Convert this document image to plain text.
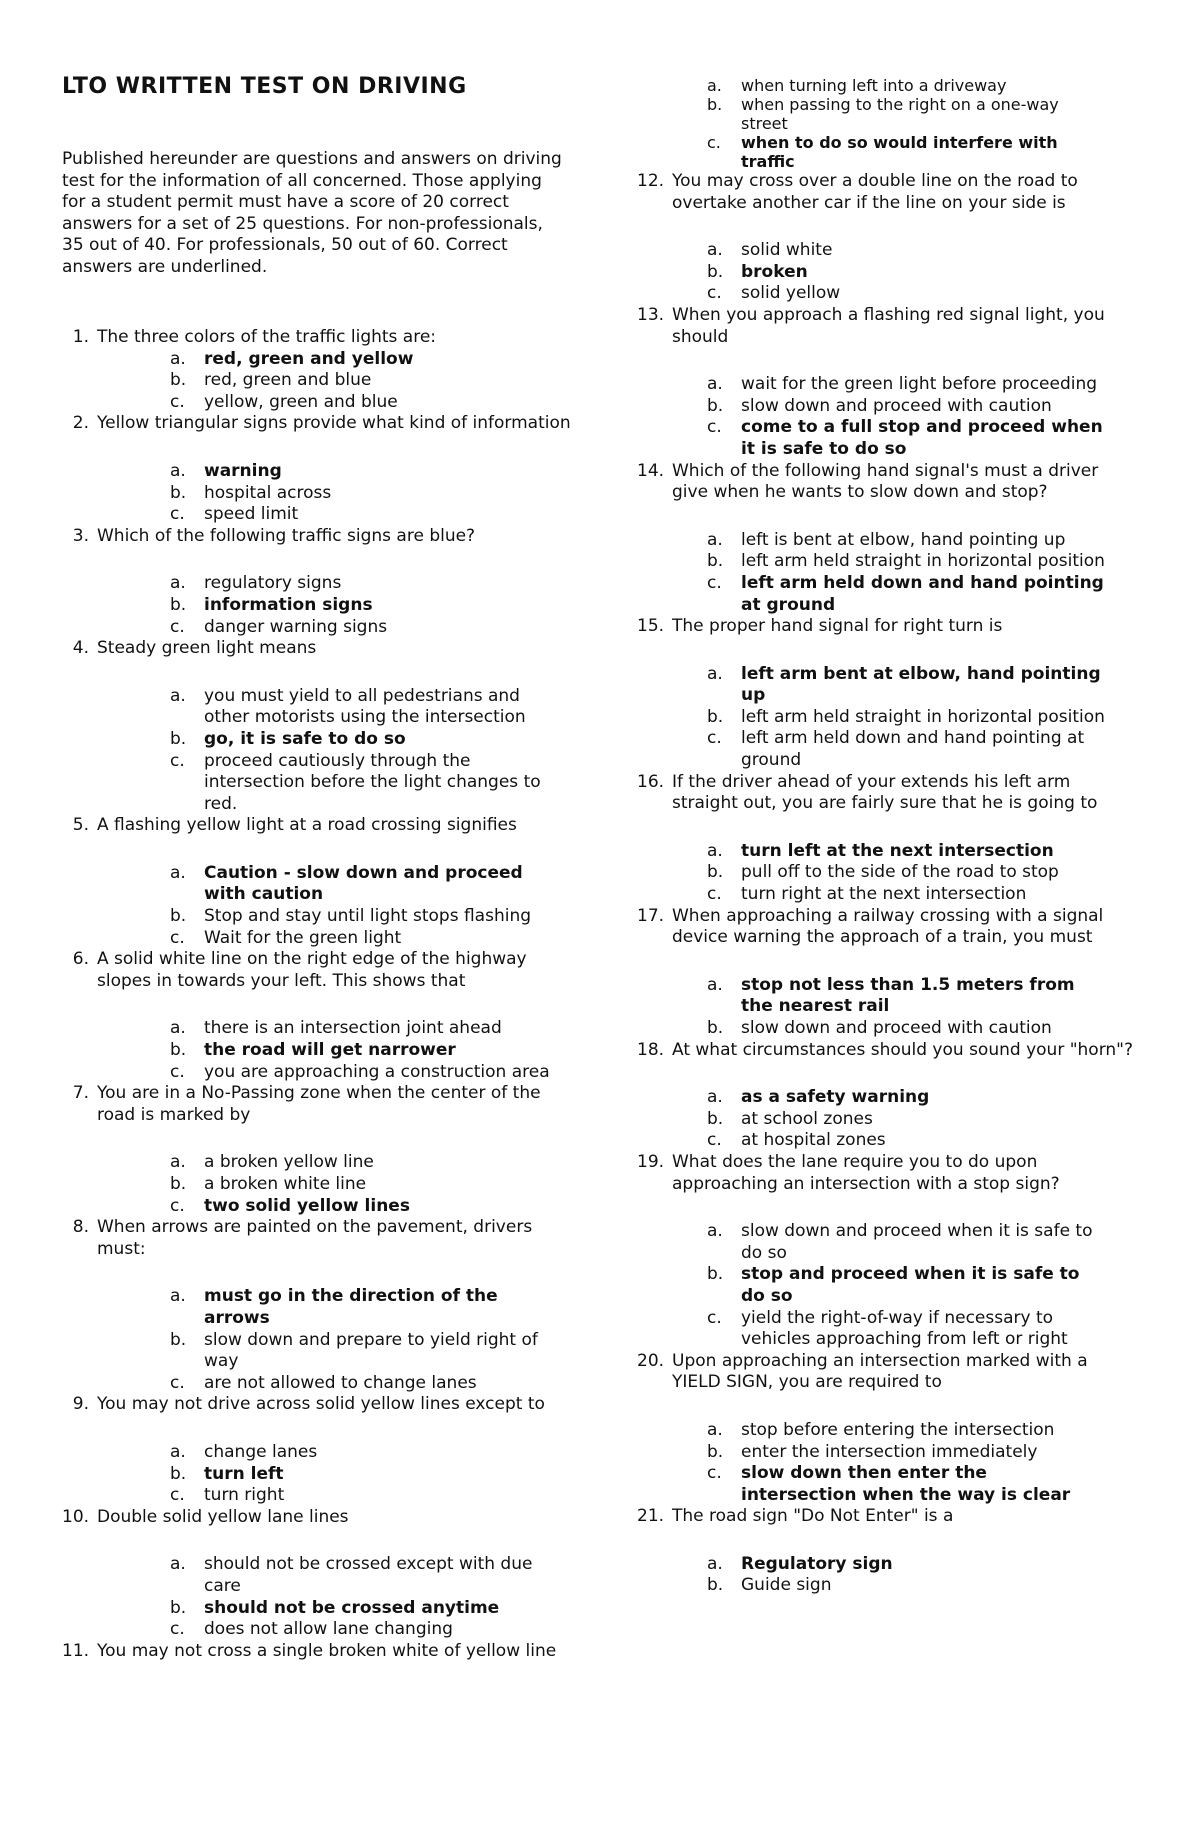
LTO WRITTEN TEST ON DRIVING

Published hereunder are questions and answers on driving test for the information of all concerned. Those applying for a student permit must have a score of 20 correct answers for a set of 25 questions. For non-professionals, 35 out of 40. For professionals, 50 out of 60. Correct answers are underlined.

1. The three colors of the traffic lights are:
a.	red, green and yellow
b.	red, green and blue
c.	yellow, green and blue
2. Yellow triangular signs provide what kind of information
a.	warning
b.	hospital across
c.	speed limit
3. Which of the following traffic signs are blue?
a.	regulatory signs
b.	information signs
c.	danger warning signs
4. Steady green light means
a.	you must yield to all pedestrians and other motorists using the intersection
b.	go, it is safe to do so
c.	proceed cautiously through the intersection before the light changes to red.
5. A flashing yellow light at a road crossing signifies
a.	Caution - slow down and proceed with caution
b.	Stop and stay until light stops flashing
c.	Wait for the green light
6. A solid white line on the right edge of the highway slopes in towards your left. This shows that
a.	there is an intersection joint ahead
b.	the road will get narrower
c.	you are approaching a construction area
7. You are in a No-Passing zone when the center of the road is marked by
a.	a broken yellow line
b.	a broken white line
c.	two solid yellow lines
8. When arrows are painted on the pavement, drivers must:
a.	must go in the direction of the arrows
b.	slow down and prepare to yield right of way
c.	are not allowed to change lanes
9. You may not drive across solid yellow lines except to
a.	change lanes
b.	turn left
c.	turn right
10. Double solid yellow lane lines
a.	should not be crossed except with due care
b.	should not be crossed anytime
c.	does not allow lane changing
11. You may not cross a single broken white of yellow line
a.	when turning left into a driveway
b.	when passing to the right on a one-way street
c.	when to do so would interfere with traffic
12. You may cross over a double line on the road to overtake another car if the line on your side is
a.	solid white
b.	broken
c.	solid yellow
13. When you approach a flashing red signal light, you should
a.	wait for the green light before proceeding
b.	slow down and proceed with caution
c.	come to a full stop and proceed when it is safe to do so
14. Which of the following hand signal's must a driver give when he wants to slow down and stop?
a.	left is bent at elbow, hand pointing up
b.	left arm held straight in horizontal position
c.	left arm held down and hand pointing at ground
15. The proper hand signal for right turn is
a.	left arm bent at elbow, hand pointing up
b.	left arm held straight in horizontal position
c.	left arm held down and hand pointing at ground
16. If the driver ahead of your extends his left arm straight out, you are fairly sure that he is going to
a.	turn left at the next intersection
b.	pull off to the side of the road to stop
c.	turn right at the next intersection
17. When approaching a railway crossing with a signal device warning the approach of a train, you must
a.	stop not less than 1.5 meters from the nearest rail
b.	slow down and proceed with caution
18. At what circumstances should you sound your "horn"?
a.	as a safety warning
b.	at school zones
c.	at hospital zones
19. What does the lane require you to do upon approaching an intersection with a stop sign?
a.	slow down and proceed when it is safe to do so
b.	stop and proceed when it is safe to do so
c.	yield the right-of-way if necessary to vehicles approaching from left or right
20. Upon approaching an intersection marked with a YIELD SIGN, you are required to
a.	stop before entering the intersection
b.	enter the intersection immediately
c.	slow down then enter the intersection when the way is clear
21. The road sign "Do Not Enter" is a
a.	Regulatory sign
b.	Guide sign
